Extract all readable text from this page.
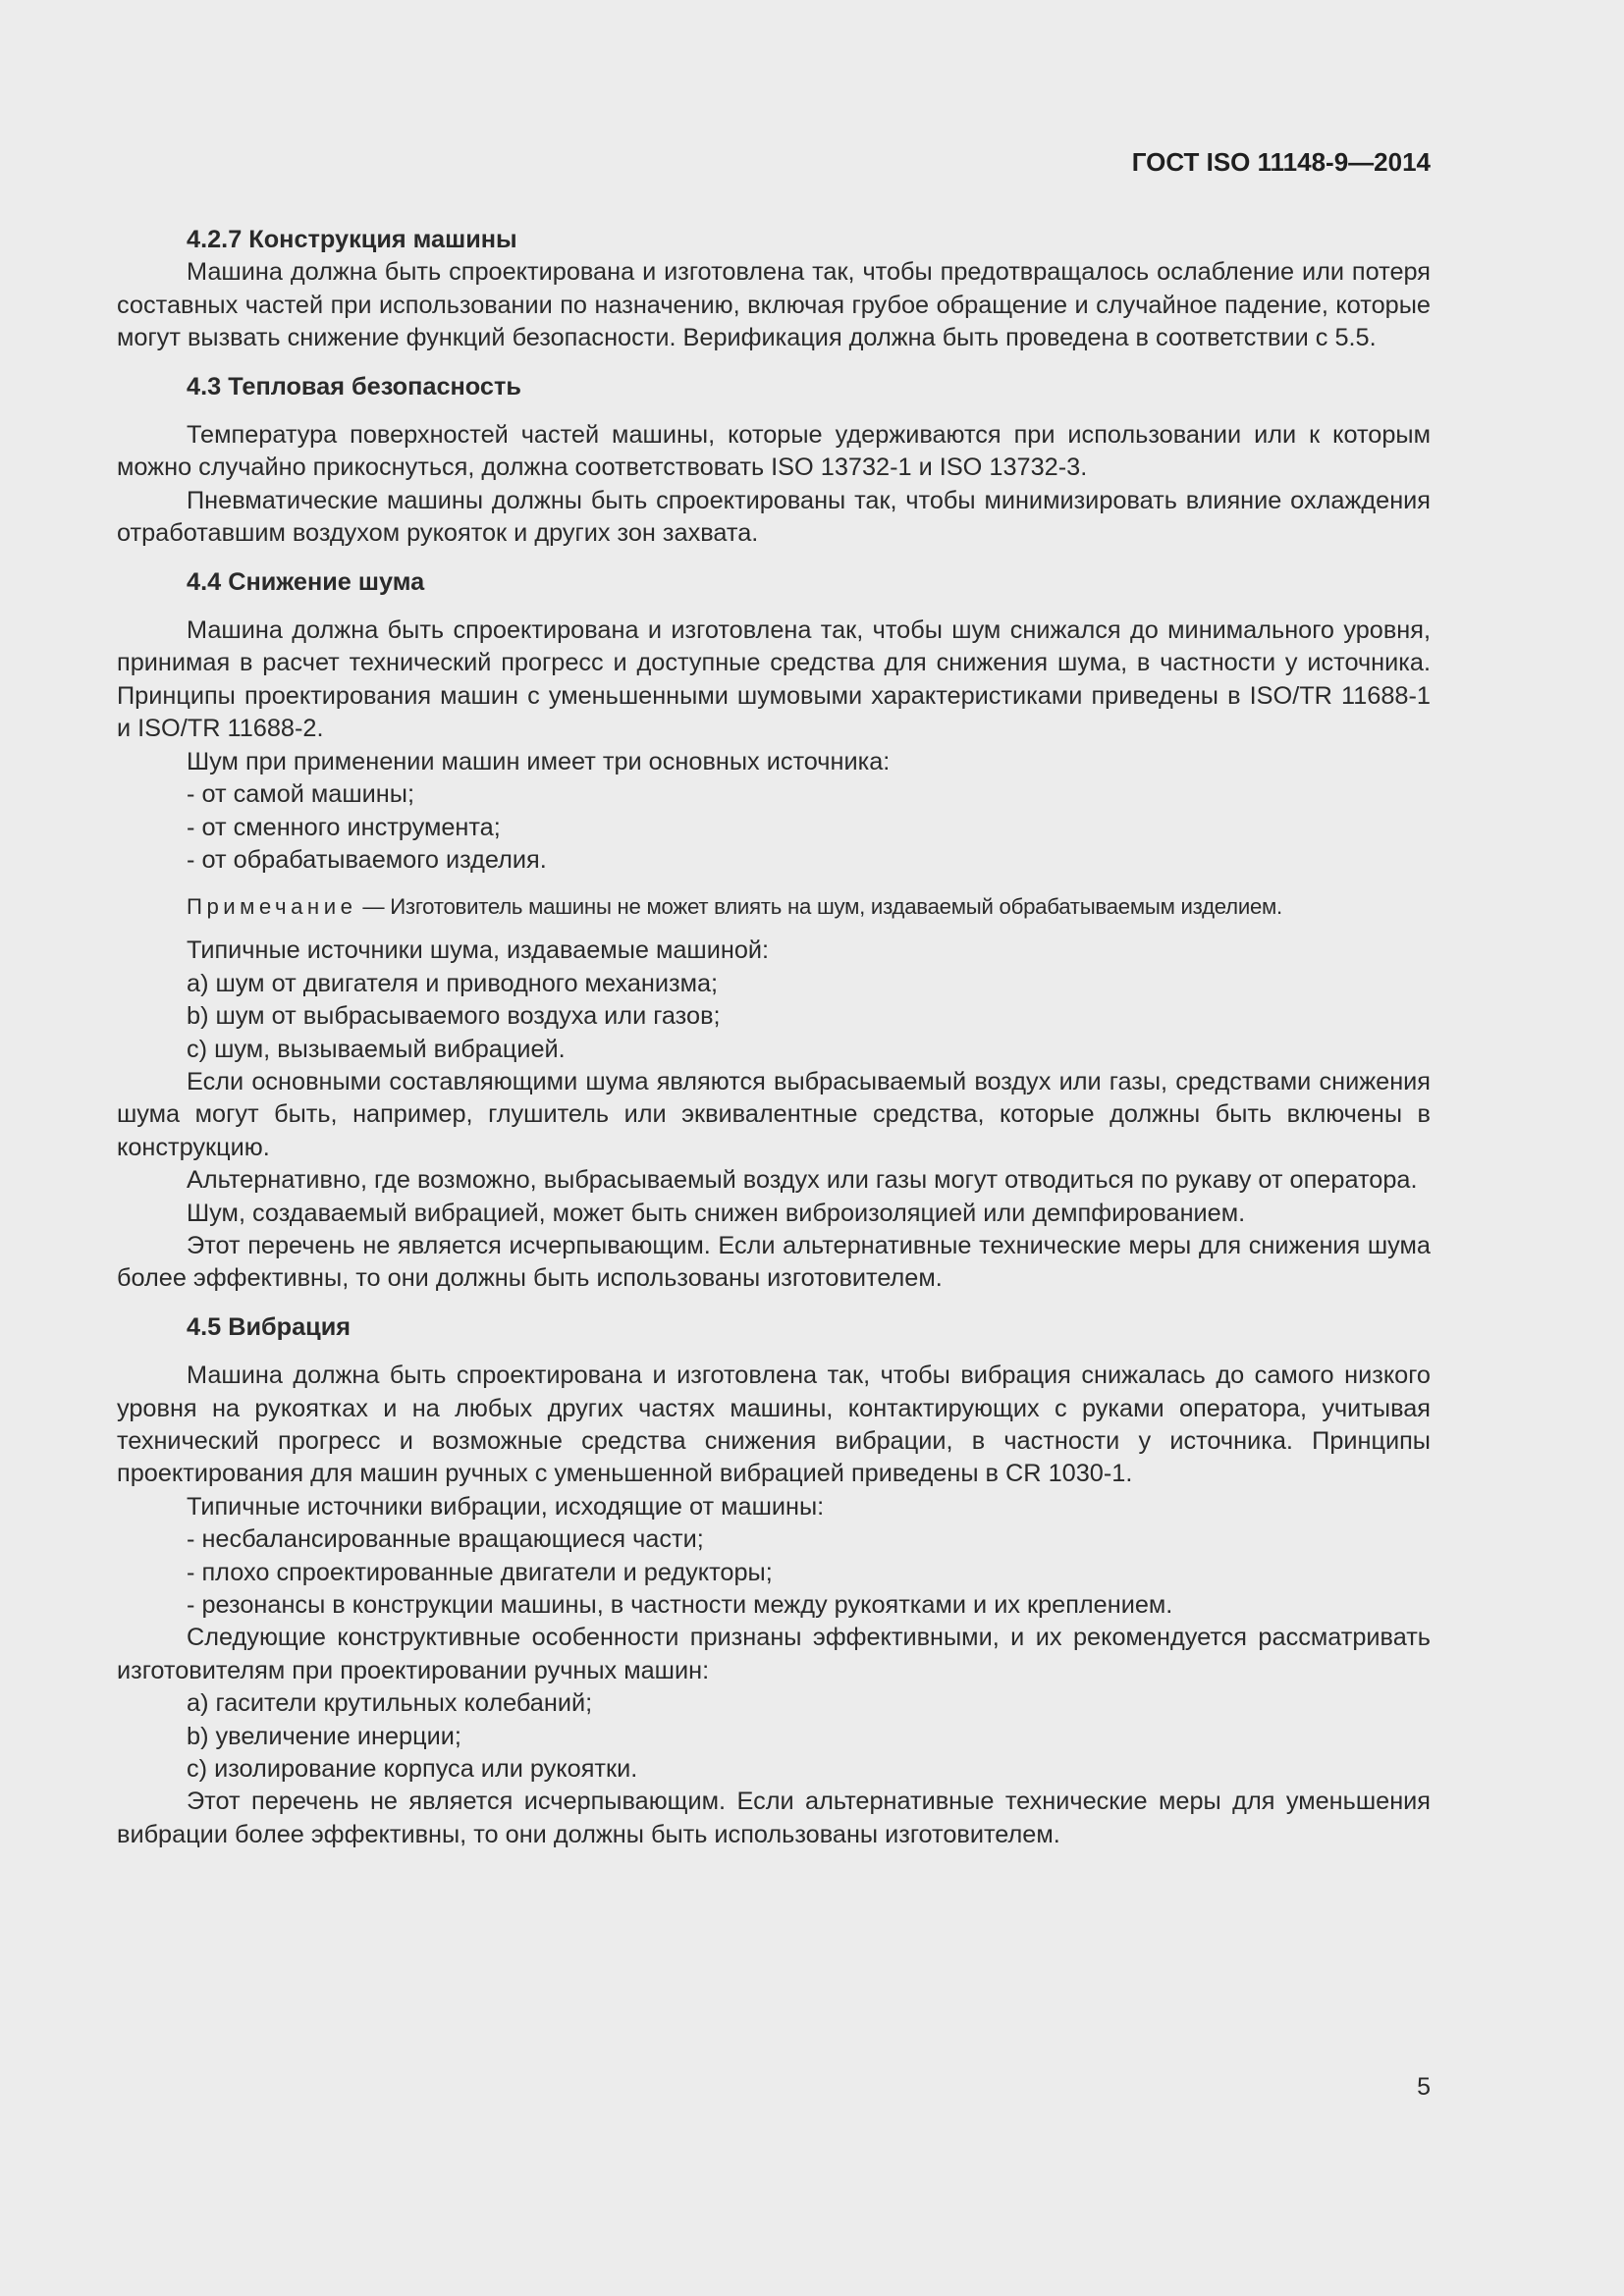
ГОСТ ISO 11148-9—2014
4.2.7 Конструкция машины

Машина должна быть спроектирована и изготовлена так, чтобы предотвращалось ослабление или потеря составных частей при использовании по назначению, включая грубое обращение и случайное падение, которые могут вызвать снижение функций безопасности. Верификация должна быть проведена в соответствии с 5.5.

4.3 Тепловая безопасность

Температура поверхностей частей машины, которые удерживаются при использовании или к которым можно случайно прикоснуться, должна соответствовать ISO 13732-1 и ISO 13732-3.

Пневматические машины должны быть спроектированы так, чтобы минимизировать влияние охлаждения отработавшим воздухом рукояток и других зон захвата.

4.4 Снижение шума

Машина должна быть спроектирована и изготовлена так, чтобы шум снижался до минимального уровня, принимая в расчет технический прогресс и доступные средства для снижения шума, в частности у источника. Принципы проектирования машин с уменьшенными шумовыми характеристиками приведены в ISO/TR 11688-1 и ISO/TR 11688-2.

Шум при применении машин имеет три основных источника:

- от самой машины;

- от сменного инструмента;

- от обрабатываемого изделия.

Примечание — Изготовитель машины не может влиять на шум, издаваемый обрабатываемым изделием.

Типичные источники шума, издаваемые машиной:

a) шум от двигателя и приводного механизма;

b) шум от выбрасываемого воздуха или газов;

c) шум, вызываемый вибрацией.

Если основными составляющими шума являются выбрасываемый воздух или газы, средствами снижения шума могут быть, например, глушитель или эквивалентные средства, которые должны быть включены в конструкцию.

Альтернативно, где возможно, выбрасываемый воздух или газы могут отводиться по рукаву от оператора.

Шум, создаваемый вибрацией, может быть снижен виброизоляцией или демпфированием.

Этот перечень не является исчерпывающим. Если альтернативные технические меры для снижения шума более эффективны, то они должны быть использованы изготовителем.

4.5 Вибрация

Машина должна быть спроектирована и изготовлена так, чтобы вибрация снижалась до самого низкого уровня на рукоятках и на любых других частях машины, контактирующих с руками оператора, учитывая технический прогресс и возможные средства снижения вибрации, в частности у источника. Принципы проектирования для машин ручных с уменьшенной вибрацией приведены в CR 1030-1.

Типичные источники вибрации, исходящие от машины:

- несбалансированные вращающиеся части;

- плохо спроектированные двигатели и редукторы;

- резонансы в конструкции машины, в частности между рукоятками и их креплением.

Следующие конструктивные особенности признаны эффективными, и их рекомендуется рассматривать изготовителям при проектировании ручных машин:

a) гасители крутильных колебаний;

b) увеличение инерции;

c) изолирование корпуса или рукоятки.

Этот перечень не является исчерпывающим. Если альтернативные технические меры для уменьшения вибрации более эффективны, то они должны быть использованы изготовителем.

5
